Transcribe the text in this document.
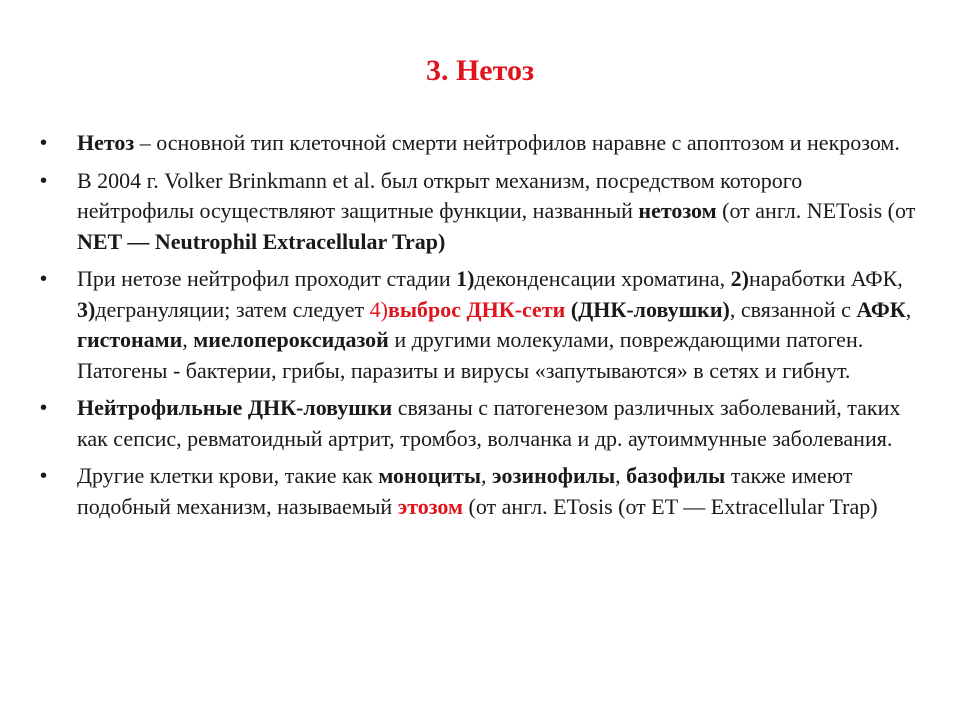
3. Нетоз
• Нетоз – основной тип клеточной смерти нейтрофилов наравне с апоптозом и некрозом.
• В 2004 г. Volker Brinkmann et al. был открыт механизм, посредством которого нейтрофилы осуществляют защитные функции, названный нетозом (от англ. NETosis (от NET — Neutrophil Extracellular Trap)
• При нетозе нейтрофил проходит стадии 1)деконденсации хроматина, 2)наработки АФК, 3)дегрануляции; затем следует 4)выброс ДНК-сети (ДНК-ловушки), связанной с АФК, гистонами, миелопероксидазой и другими молекулами, повреждающими патоген. Патогены - бактерии, грибы, паразиты и вирусы «запутываются» в сетях и гибнут.
• Нейтрофильные ДНК-ловушки связаны с патогенезом различных заболеваний, таких как сепсис, ревматоидный артрит, тромбоз, волчанка и др. аутоиммунные заболевания.
• Другие клетки крови, такие как моноциты, эозинофилы, базофилы также имеют подобный механизм, называемый этозом (от англ. ETosis (от ET — Extracellular Trap)
